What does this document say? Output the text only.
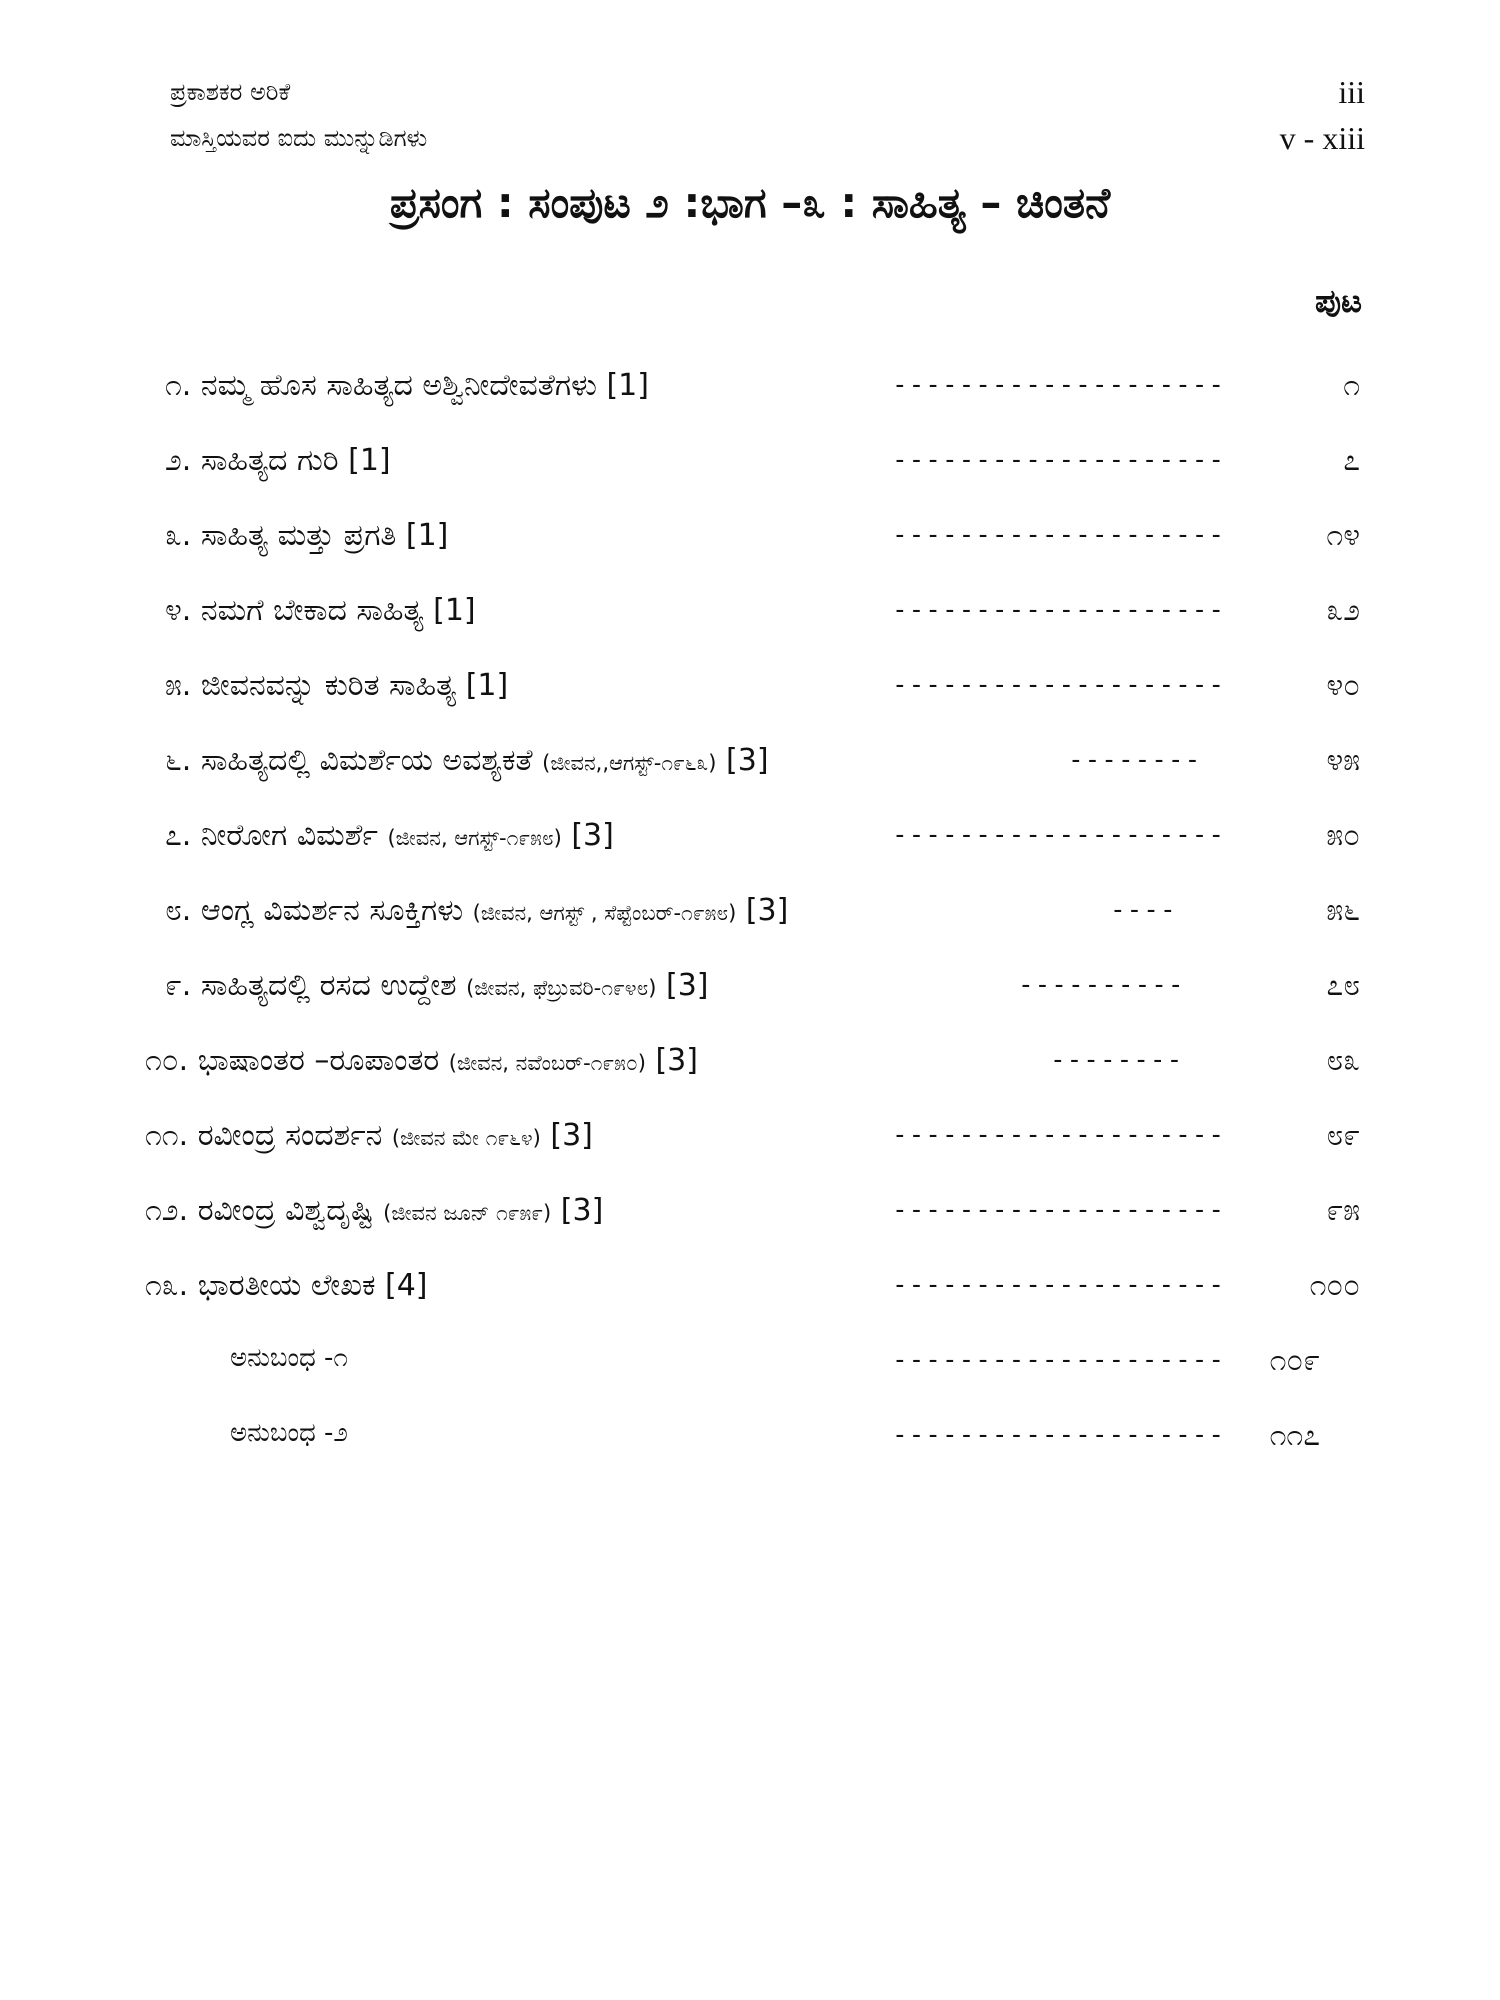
ಪ್ರಕಾಶಕರ ಅರಿಕೆ	iii
ಮಾಸ್ತಿಯವರ ಐದು ಮುನ್ನುಡಿಗಳು	v - xiii
ಪ್ರಸಂಗ : ಸಂಪುಟ ೨ :ಭಾಗ –೩ : ಸಾಹಿತ್ಯ – ಚಿಂತನೆ
ಪುಟ
೧. ನಮ್ಮ ಹೊಸ ಸಾಹಿತ್ಯದ ಅಶ್ವಿನೀದೇವತೆಗಳು [1]	--------------------	೧
೨. ಸಾಹಿತ್ಯದ ಗುರಿ [1]	--------------------	೭
೩. ಸಾಹಿತ್ಯ ಮತ್ತು ಪ್ರಗತಿ [1]	--------------------	೧೪
೪. ನಮಗೆ ಬೇಕಾದ ಸಾಹಿತ್ಯ [1]	--------------------	೩೨
೫. ಜೀವನವನ್ನು ಕುರಿತ ಸಾಹಿತ್ಯ [1]	--------------------	೪೦
೬. ಸಾಹಿತ್ಯದಲ್ಲಿ ವಿಮರ್ಶೆಯ ಅವಶ್ಯಕತೆ (ಜೀವನ,,ಆಗಸ್ಟ್-೧೯೬೩) [3]	--------	೪೫
೭. ನೀರೋಗ ವಿಮರ್ಶೆ (ಜೀವನ, ಆಗಸ್ಟ್-೧೯೫೮) [3]	--------------------	೫೦
೮. ಆಂಗ್ಲ ವಿಮರ್ಶನ ಸೂಕ್ತಿಗಳು (ಜೀವನ, ಆಗಸ್ಟ್ , ಸೆಪ್ಟೆಂಬರ್-೧೯೫೮) [3]	----	೫೬
೯. ಸಾಹಿತ್ಯದಲ್ಲಿ ರಸದ ಉದ್ದೇಶ (ಜೀವನ, ಫೆಬ್ರುವರಿ-೧೯೪೮) [3]	----------	೭೮
೧೦. ಭಾಷಾಂತರ –ರೂಪಾಂತರ (ಜೀವನ, ನವೆಂಬರ್-೧೯೫೦) [3]	--------	೮೩
೧೧. ರವೀಂದ್ರ ಸಂದರ್ಶನ (ಜೀವನ ಮೇ ೧೯೬೪) [3]	--------------------	೮೯
೧೨. ರವೀಂದ್ರ ವಿಶ್ವದೃಷ್ಟಿ (ಜೀವನ ಜೂನ್ ೧೯೫೯) [3]	--------------------	೯೫
೧೩. ಭಾರತೀಯ ಲೇಖಕ [4]	--------------------	೧೦೦
ಅನುಬಂಧ -೧	-------------------- ೧೦೯
ಅನುಬಂಧ -೨	-------------------- ೧೧೭
